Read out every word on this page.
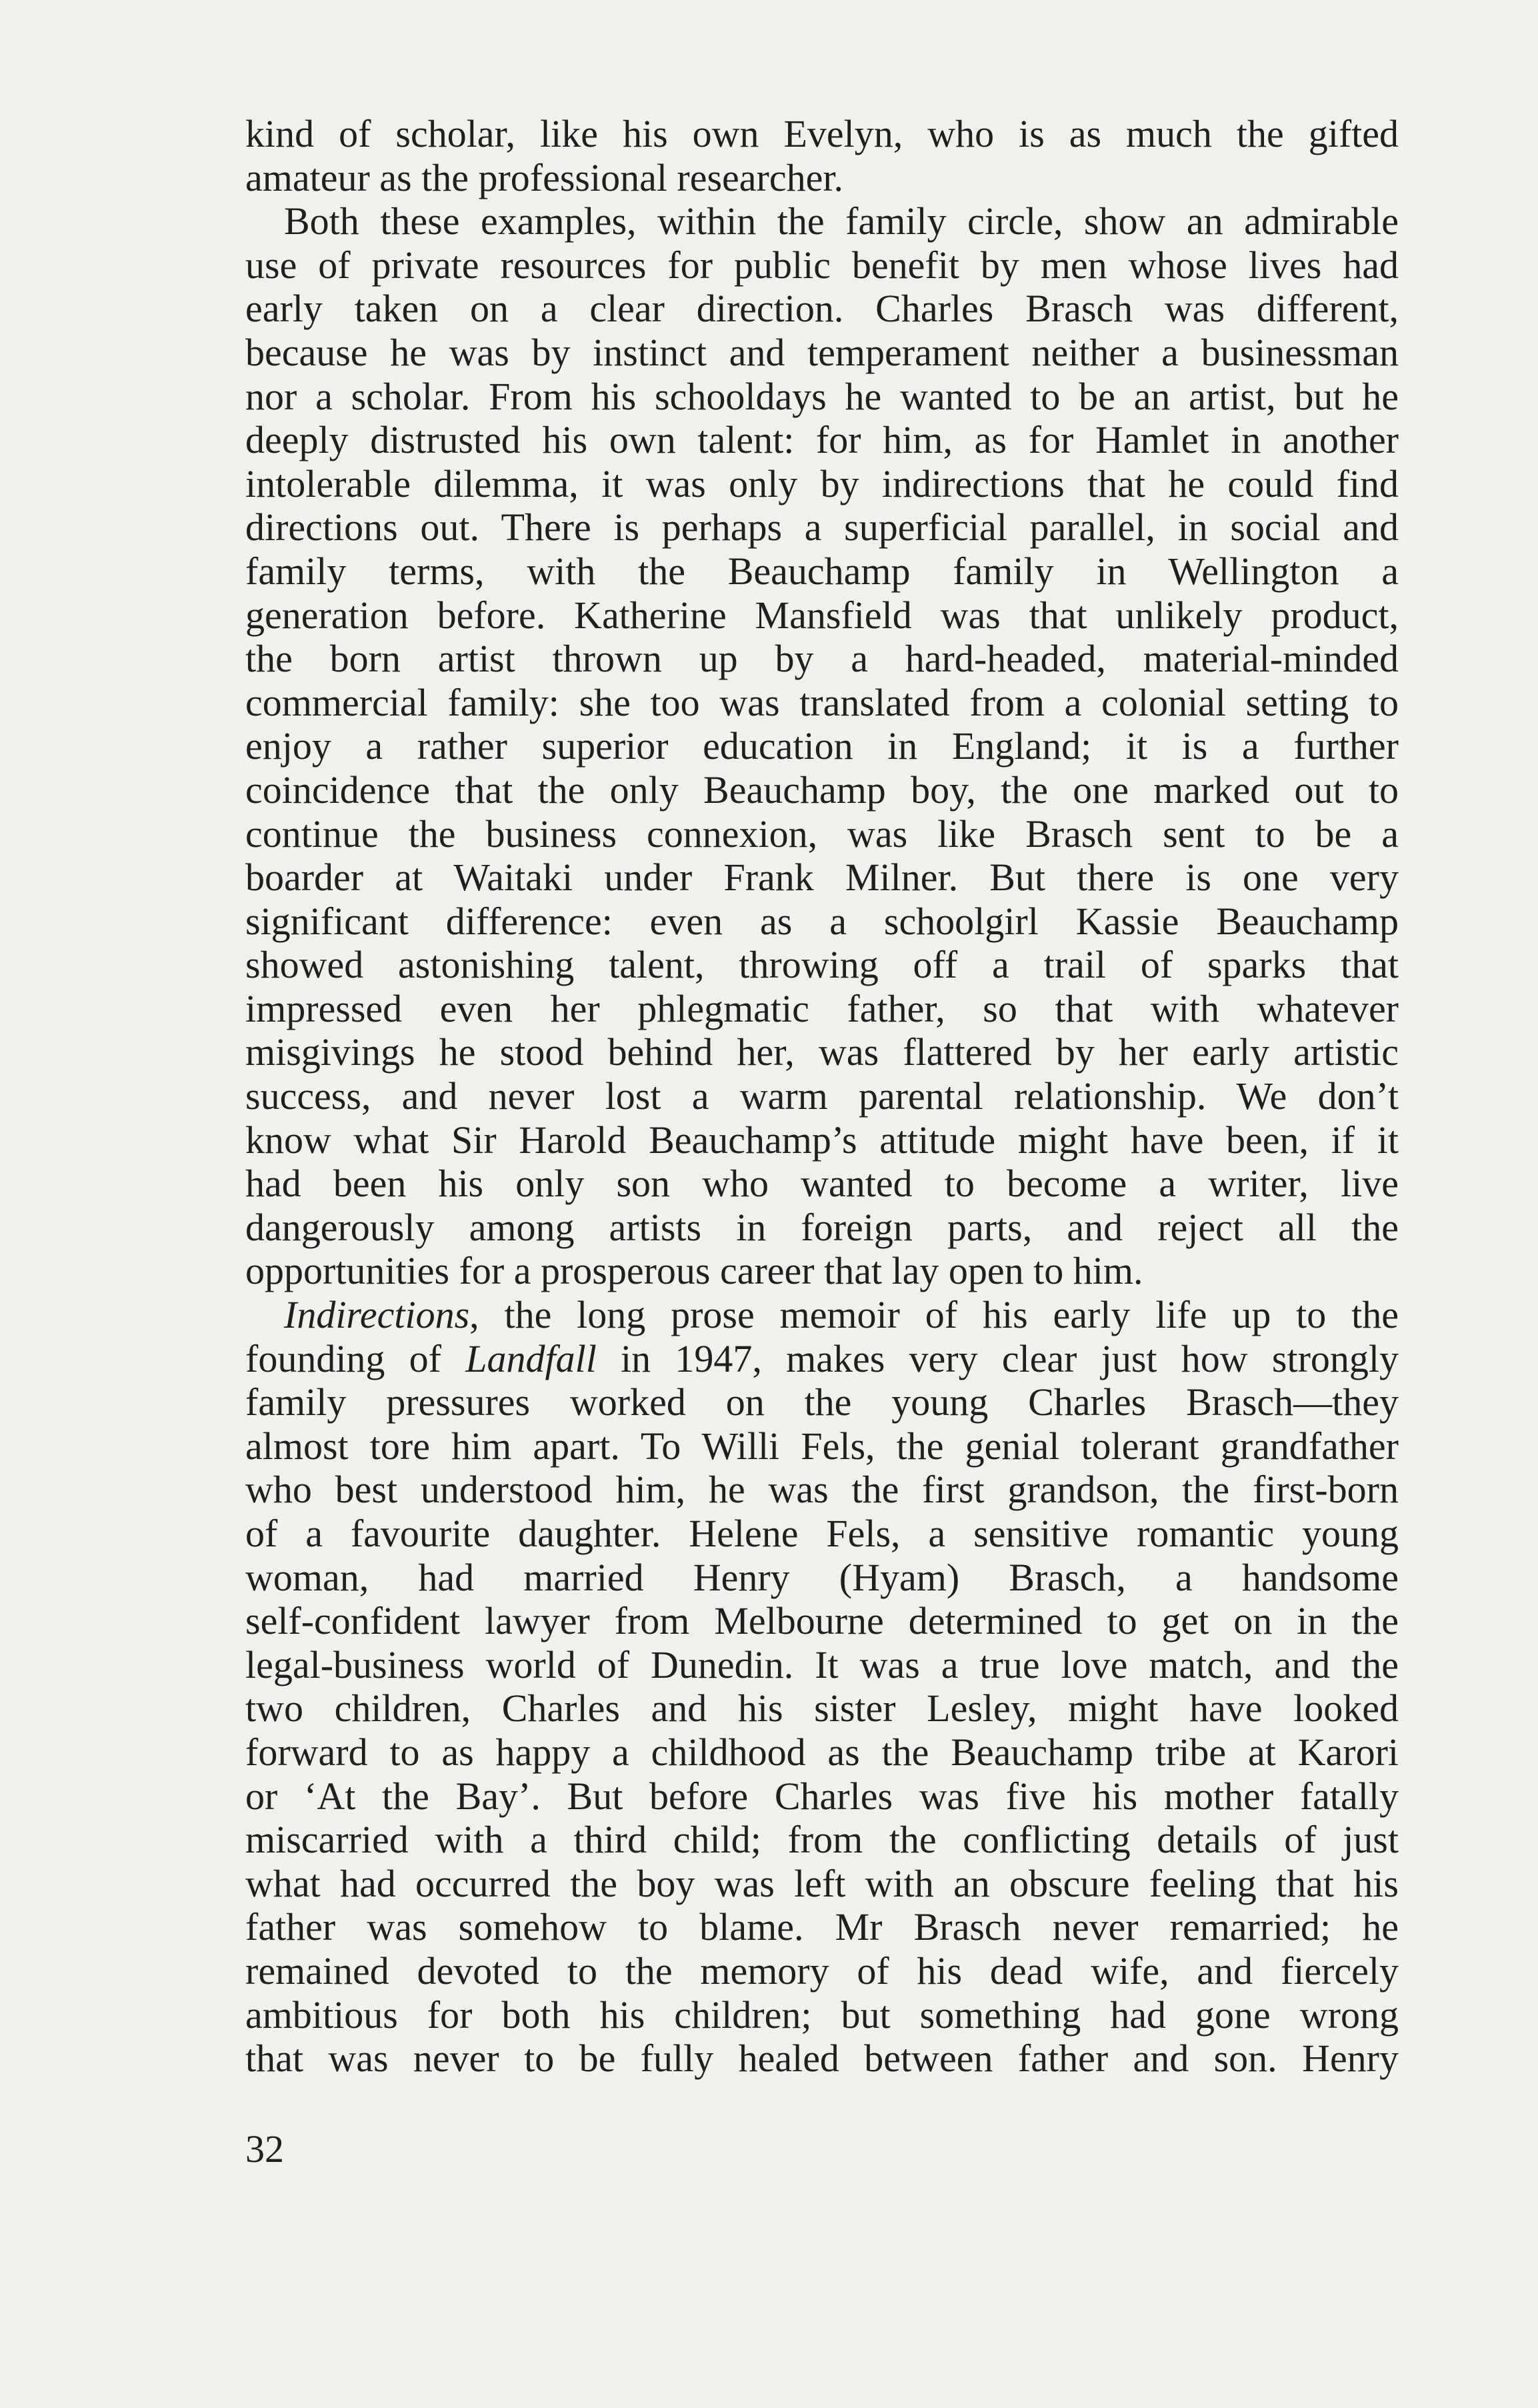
kind of scholar, like his own Evelyn, who is as much the gifted
amateur as the professional researcher.
Both these examples, within the family circle, show an admirable
use of private resources for public benefit by men whose lives had
early taken on a clear direction. Charles Brasch was different,
because he was by instinct and temperament neither a businessman
nor a scholar. From his schooldays he wanted to be an artist, but he
deeply distrusted his own talent: for him, as for Hamlet in another
intolerable dilemma, it was only by indirections that he could find
directions out. There is perhaps a superficial parallel, in social and
family terms, with the Beauchamp family in Wellington a
generation before. Katherine Mansfield was that unlikely product,
the born artist thrown up by a hard-headed, material-minded
commercial family: she too was translated from a colonial setting to
enjoy a rather superior education in England; it is a further
coincidence that the only Beauchamp boy, the one marked out to
continue the business connexion, was like Brasch sent to be a
boarder at Waitaki under Frank Milner. But there is one very
significant difference: even as a schoolgirl Kassie Beauchamp
showed astonishing talent, throwing off a trail of sparks that
impressed even her phlegmatic father, so that with whatever
misgivings he stood behind her, was flattered by her early artistic
success, and never lost a warm parental relationship. We don’t
know what Sir Harold Beauchamp’s attitude might have been, if it
had been his only son who wanted to become a writer, live
dangerously among artists in foreign parts, and reject all the
opportunities for a prosperous career that lay open to him.
Indirections, the long prose memoir of his early life up to the
founding of Landfall in 1947, makes very clear just how strongly
family pressures worked on the young Charles Brasch—they
almost tore him apart. To Willi Fels, the genial tolerant grandfather
who best understood him, he was the first grandson, the first-born
of a favourite daughter. Helene Fels, a sensitive romantic young
woman, had married Henry (Hyam) Brasch, a handsome
self-confident lawyer from Melbourne determined to get on in the
legal-business world of Dunedin. It was a true love match, and the
two children, Charles and his sister Lesley, might have looked
forward to as happy a childhood as the Beauchamp tribe at Karori
or ‘At the Bay’. But before Charles was five his mother fatally
miscarried with a third child; from the conflicting details of just
what had occurred the boy was left with an obscure feeling that his
father was somehow to blame. Mr Brasch never remarried; he
remained devoted to the memory of his dead wife, and fiercely
ambitious for both his children; but something had gone wrong
that was never to be fully healed between father and son. Henry
32
